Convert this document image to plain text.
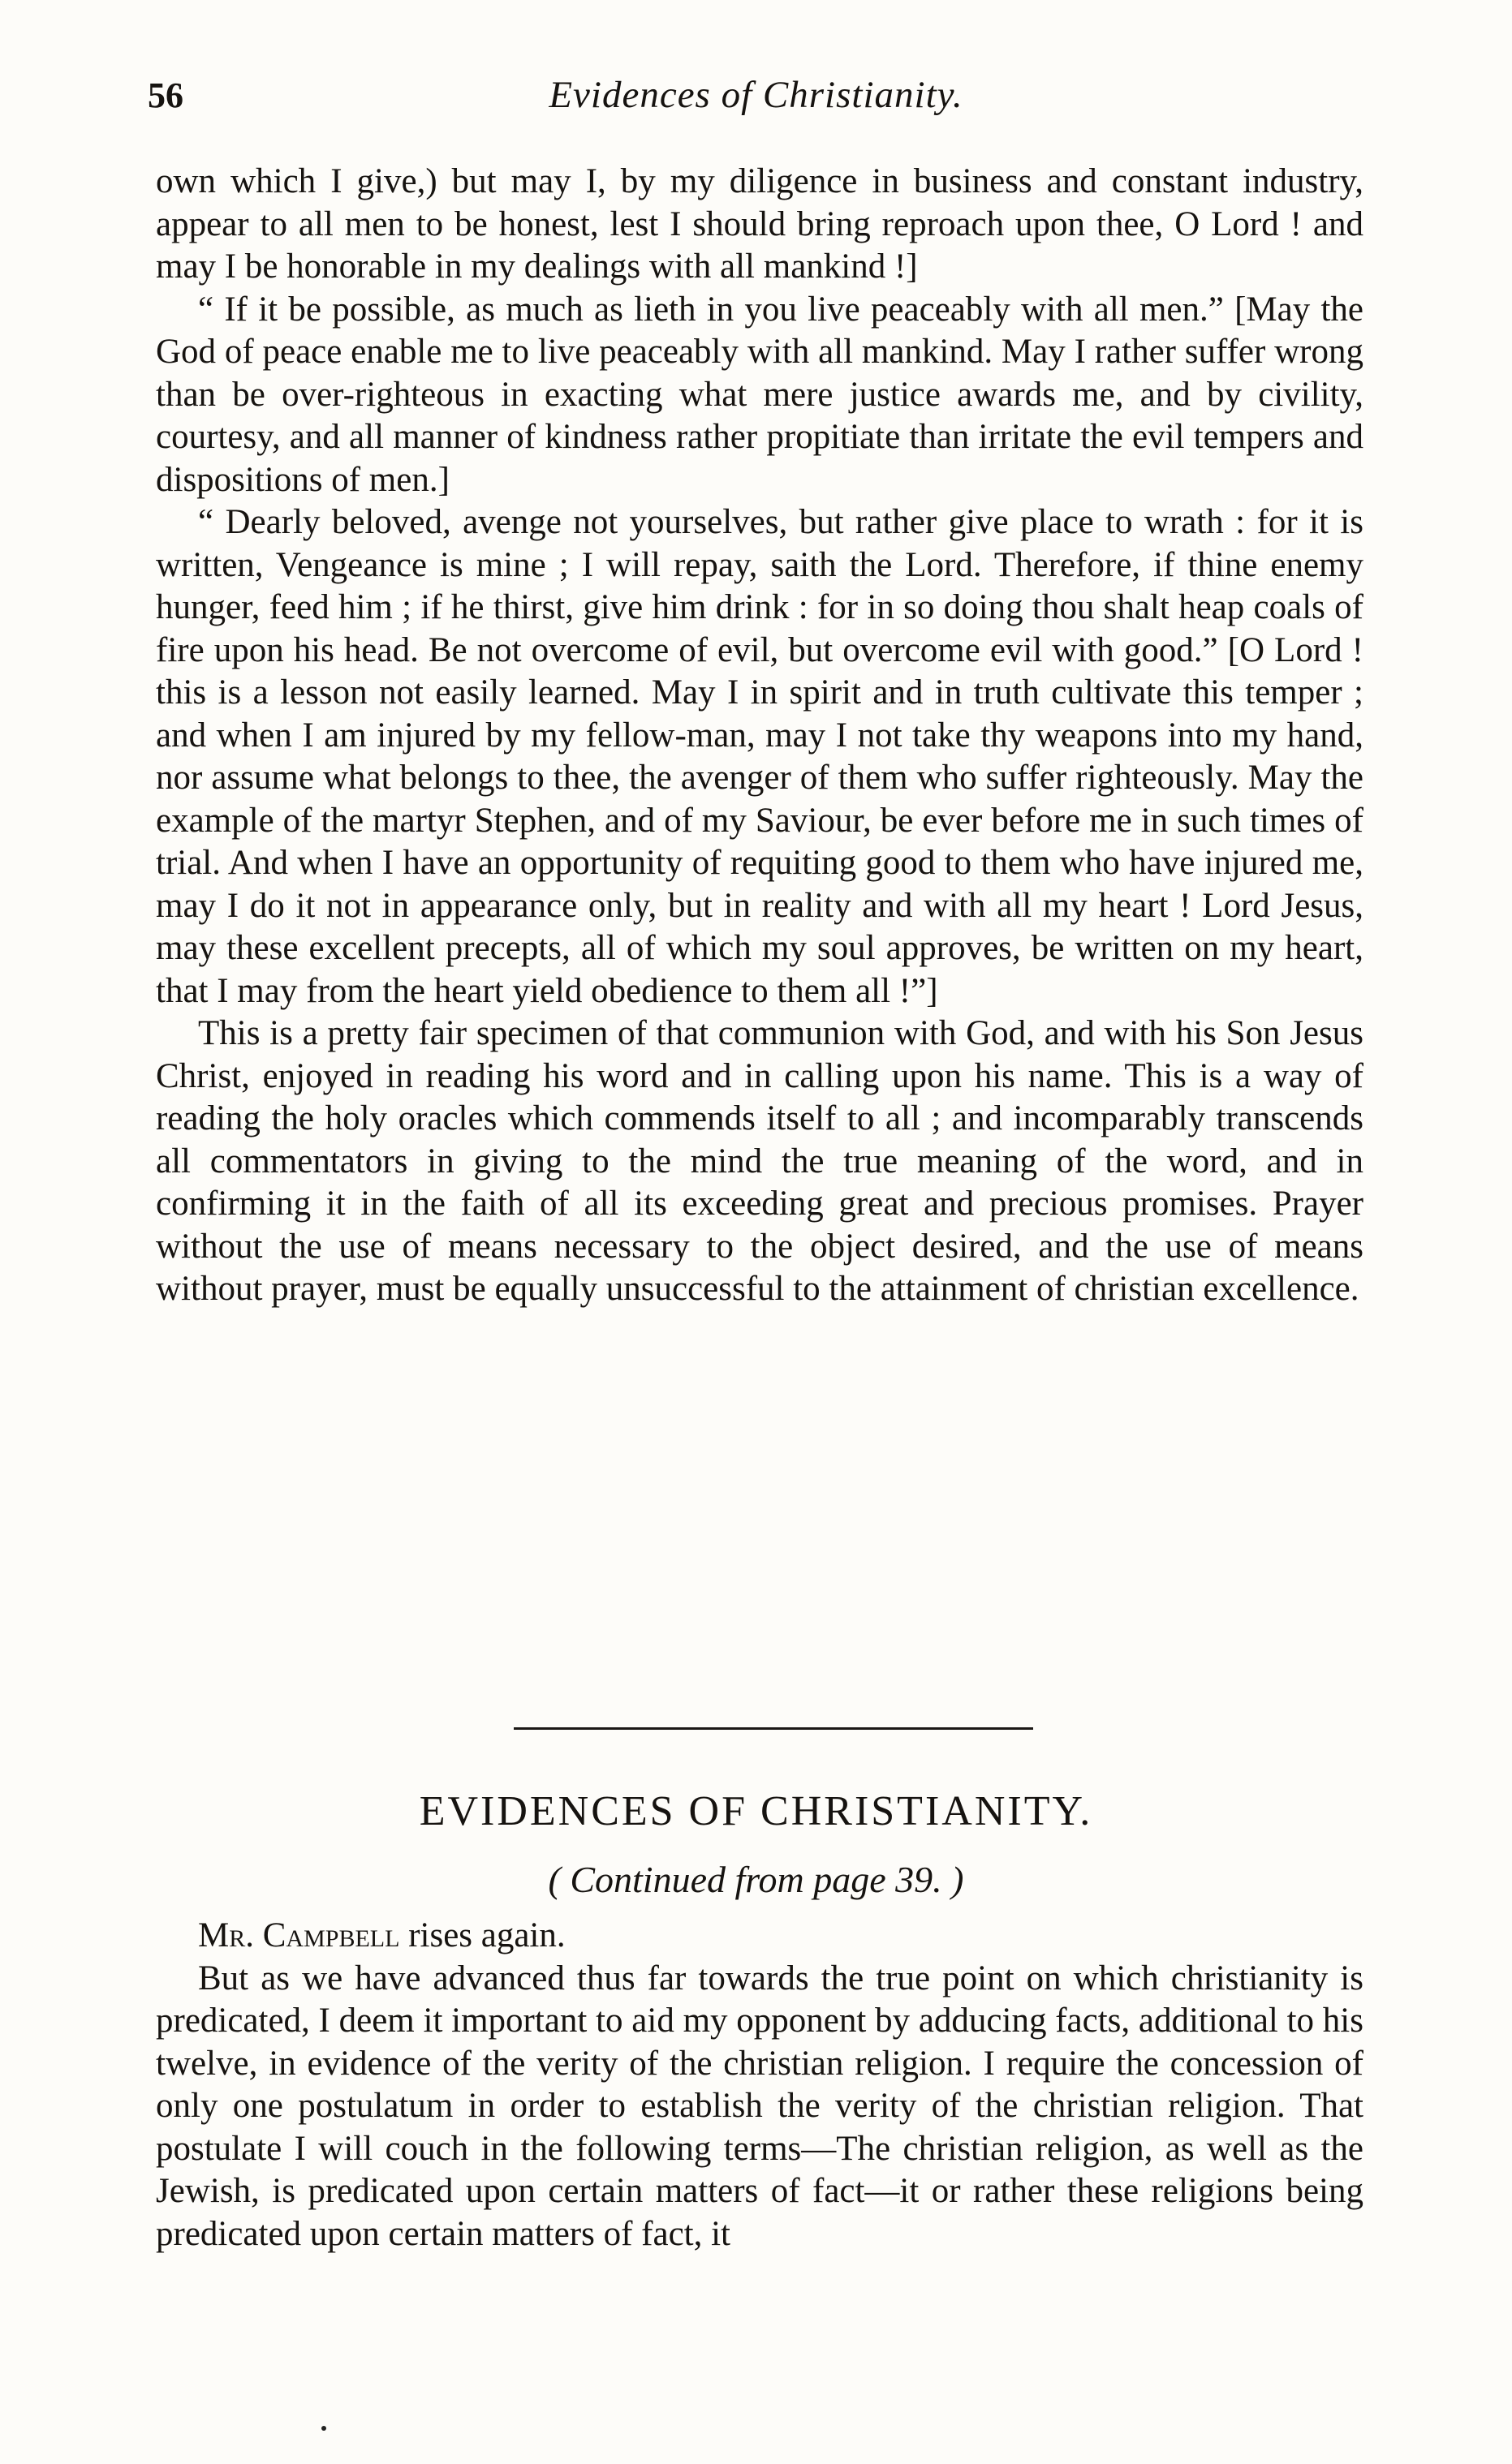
56	Evidences of Christianity.

own which I give,) but may I, by my diligence in business and constant industry, appear to all men to be honest, lest I should bring reproach upon thee, O Lord ! and may I be honorable in my dealings with all mankind !]

“ If it be possible, as much as lieth in you live peaceably with all men.” [May the God of peace enable me to live peaceably with all mankind. May I rather suffer wrong than be over-righteous in exacting what mere justice awards me, and by civility, courtesy, and all manner of kindness rather propitiate than irritate the evil tempers and dispositions of men.]

“ Dearly beloved, avenge not yourselves, but rather give place to wrath : for it is written, Vengeance is mine ; I will repay, saith the Lord. Therefore, if thine enemy hunger, feed him ; if he thirst, give him drink : for in so doing thou shalt heap coals of fire upon his head. Be not overcome of evil, but overcome evil with good.” [O Lord ! this is a lesson not easily learned. May I in spirit and in truth cultivate this temper ; and when I am injured by my fellow-man, may I not take thy weapons into my hand, nor assume what belongs to thee, the avenger of them who suffer righteously. May the example of the martyr Stephen, and of my Saviour, be ever before me in such times of trial. And when I have an opportunity of requiting good to them who have injured me, may I do it not in appearance only, but in reality and with all my heart ! Lord Jesus, may these excellent precepts, all of which my soul approves, be written on my heart, that I may from the heart yield obedience to them all !”]

This is a pretty fair specimen of that communion with God, and with his Son Jesus Christ, enjoyed in reading his word and in calling upon his name. This is a way of reading the holy oracles which commends itself to all ; and incomparably transcends all commentators in giving to the mind the true meaning of the word, and in confirming it in the faith of all its exceeding great and precious promises. Prayer without the use of means necessary to the object desired, and the use of means without prayer, must be equally unsuccessful to the attainment of christian excellence.

EVIDENCES OF CHRISTIANITY.
( Continued from page 39. )

Mr. Campbell rises again.

But as we have advanced thus far towards the true point on which christianity is predicated, I deem it important to aid my opponent by adducing facts, additional to his twelve, in evidence of the verity of the christian religion. I require the concession of only one postulatum in order to establish the verity of the christian religion. That postulate I will couch in the following terms—The christian religion, as well as the Jewish, is predicated upon certain matters of fact—it or rather these religions being predicated upon certain matters of fact, it
